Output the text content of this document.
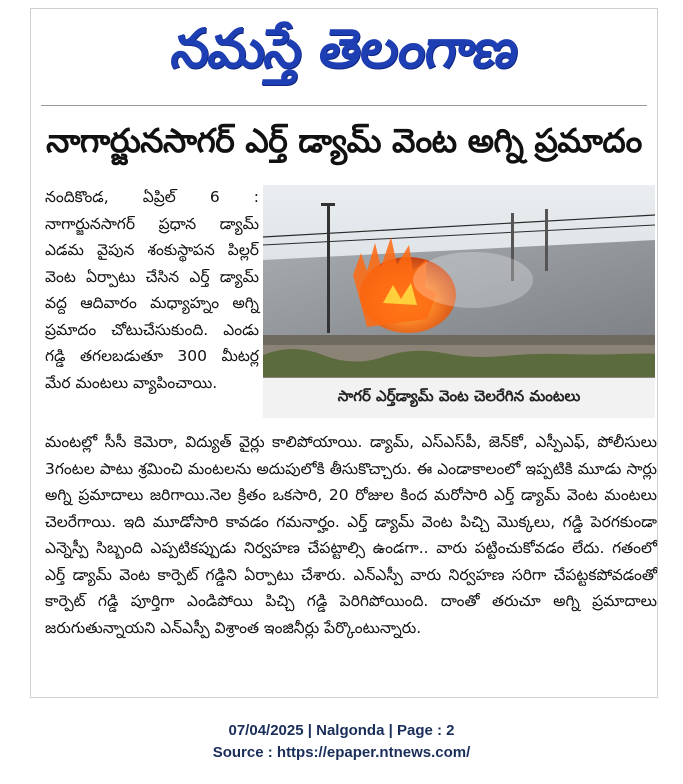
నమస్తే తెలంగాణ
నాగార్జునసాగర్ ఎర్త్ డ్యామ్ వెంట అగ్ని ప్రమాదం
నందికొండ, ఏప్రిల్ 6 : నాగార్జునసాగర్ ప్రధాన డ్యామ్ ఎడమ వైపున శంకుస్థాపన పిల్లర్ వెంట ఏర్పాటు చేసిన ఎర్త్ డ్యామ్ వద్ద ఆదివారం మధ్యాహ్నం అగ్ని ప్రమాదం చోటుచేసుకుంది. ఎండు గడ్డి తగలబడుతూ 300 మీటర్ల మేర మంటలు వ్యాపించాయి.
సాగర్ ఎర్త్‌డ్యామ్ వెంట చెలరేగిన మంటలు
మంటల్లో సీసీ కెమెరా, విద్యుత్ వైర్లు కాలిపోయాయి. డ్యామ్, ఎస్‌ఎస్‌పీ, జెన్‌కో, ఎస్పీఎఫ్, పోలీసులు 3గంటల పాటు శ్రమించి మంటలను అదుపులోకి తీసుకొచ్చారు. ఈ ఎండాకాలంలో ఇప్పటికి మూడు సార్లు అగ్ని ప్రమాదాలు జరిగాయి.నెల క్రితం ఒకసారి, 20 రోజుల కింద మరోసారి ఎర్త్ డ్యామ్ వెంట మంటలు చెలరేగాయి. ఇది మూడోసారి కావడం గమనార్హం. ఎర్త్ డ్యామ్ వెంట పిచ్చి మొక్కలు, గడ్డి పెరగకుండా ఎన్నెస్పీ సిబ్బంది ఎప్పటికప్పుడు నిర్వహణ చేపట్టాల్సి ఉండగా.. వారు పట్టించుకోవడం లేదు. గతంలో ఎర్త్ డ్యామ్ వెంట కార్పెట్ గడ్డిని ఏర్పాటు చేశారు. ఎన్ఎస్పీ వారు నిర్వహణ సరిగా చేపట్టకపోవడంతో కార్పెట్ గడ్డి పూర్తిగా ఎండిపోయి పిచ్చి గడ్డి పెరిగిపోయింది. దాంతో తరుచూ అగ్ని ప్రమాదాలు జరుగుతున్నాయని ఎన్ఎస్పీ విశ్రాంత ఇంజినీర్లు పేర్కొంటున్నారు.
07/04/2025 | Nalgonda | Page : 2
Source : https://epaper.ntnews.com/
